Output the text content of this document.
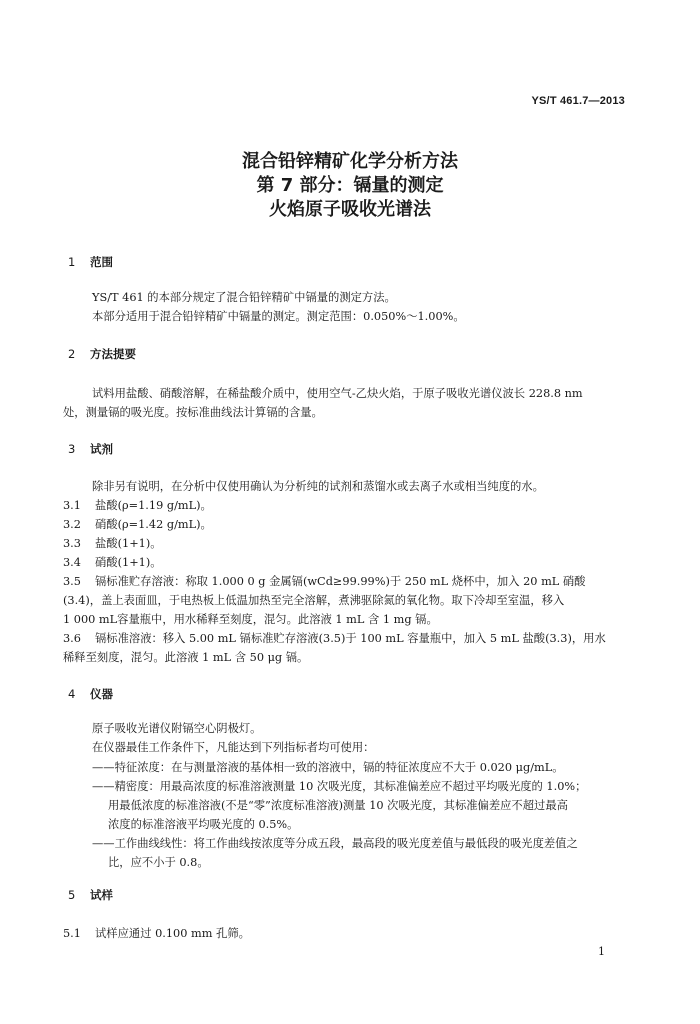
YS/T 461.7—2013
混合铅锌精矿化学分析方法
第 7 部分：镉量的测定
火焰原子吸收光谱法
1 范围
YS/T 461 的本部分规定了混合铅锌精矿中镉量的测定方法。
本部分适用于混合铅锌精矿中镉量的测定。测定范围：0.050%～1.00%。
2 方法提要
试料用盐酸、硝酸溶解，在稀盐酸介质中，使用空气-乙炔火焰，于原子吸收光谱仪波长 228.8 nm
处，测量镉的吸光度。按标准曲线法计算镉的含量。
3 试剂
除非另有说明，在分析中仅使用确认为分析纯的试剂和蒸馏水或去离子水或相当纯度的水。
3.1 盐酸(ρ=1.19 g/mL)。
3.2 硝酸(ρ=1.42 g/mL)。
3.3 盐酸(1+1)。
3.4 硝酸(1+1)。
3.5 镉标准贮存溶液：称取 1.000 0 g 金属镉(wCd≥99.99%)于 250 mL 烧杯中，加入 20 mL 硝酸
(3.4)，盖上表面皿，于电热板上低温加热至完全溶解，煮沸驱除氮的氧化物。取下冷却至室温，移入
1 000 mL容量瓶中，用水稀释至刻度，混匀。此溶液 1 mL 含 1 mg 镉。
3.6 镉标准溶液：移入 5.00 mL 镉标准贮存溶液(3.5)于 100 mL 容量瓶中，加入 5 mL 盐酸(3.3)，用水
稀释至刻度，混匀。此溶液 1 mL 含 50 μg 镉。
4 仪器
原子吸收光谱仪附镉空心阴极灯。
在仪器最佳工作条件下，凡能达到下列指标者均可使用：
——特征浓度：在与测量溶液的基体相一致的溶液中，镉的特征浓度应不大于 0.020 μg/mL。
——精密度：用最高浓度的标准溶液测量 10 次吸光度，其标准偏差应不超过平均吸光度的 1.0%；
用最低浓度的标准溶液(不是“零”浓度标准溶液)测量 10 次吸光度，其标准偏差应不超过最高
浓度的标准溶液平均吸光度的 0.5%。
——工作曲线线性：将工作曲线按浓度等分成五段，最高段的吸光度差值与最低段的吸光度差值之
比，应不小于 0.8。
5 试样
5.1 试样应通过 0.100 mm 孔筛。
1
